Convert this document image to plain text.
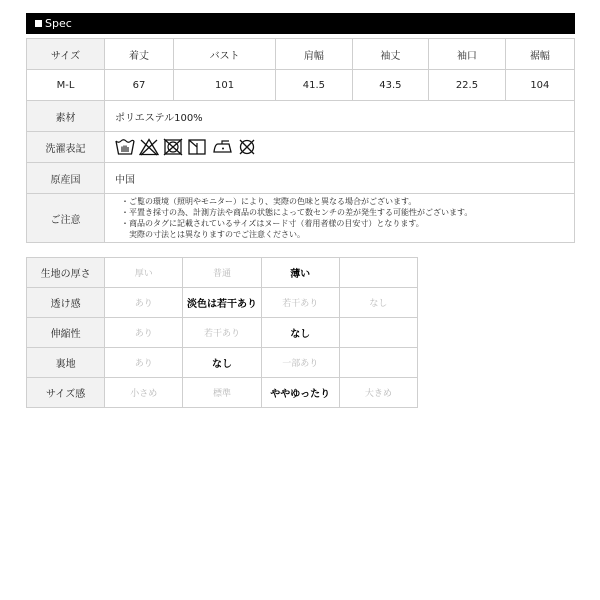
Spec
サイズ	着丈	バスト	肩幅	袖丈	袖口	裾幅
M-L	67	101	41.5	43.5	22.5	104
素材	ポリエステル100%					
洗濯表記	

原産国	中国					
ご注意	・ご覧の環境（照明やモニター）により、実際の色味と異なる場合がございます。
・平置き採寸の為、計測方法や商品の状態によって数センチの差が発生する可能性がございます。
・商品のタグに記載されているサイズはヌード寸（着用者様の目安寸）となります。
　実際の寸法とは異なりますのでご注意ください。					
生地の厚さ	厚い	普通	薄い	
透け感	あり	淡色は若干あり	若干あり	なし
伸縮性	あり	若干あり	なし	
裏地	あり	なし	一部あり	
サイズ感	小さめ	標準	ややゆったり	大きめ
